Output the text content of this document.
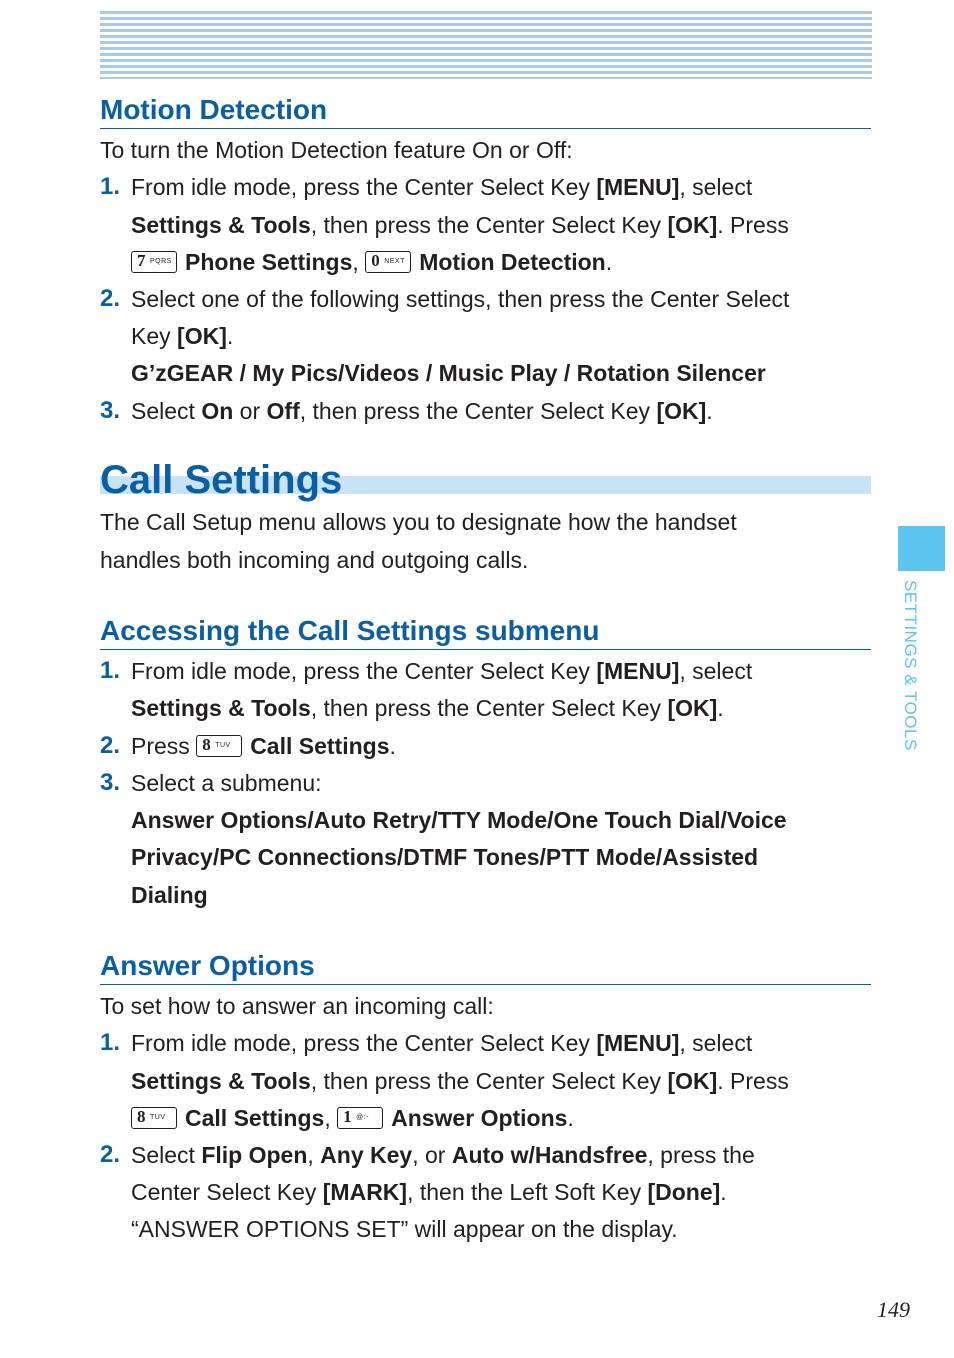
Motion Detection
To turn the Motion Detection feature On or Off:
1. From idle mode, press the Center Select Key [MENU], select
Settings & Tools, then press the Center Select Key [OK]. Press
7 PQRS Phone Settings, 0 NEXT Motion Detection.
2. Select one of the following settings, then press the Center Select
Key [OK].
G’zGEAR / My Pics/Videos / Music Play / Rotation Silencer
3. Select On or Off, then press the Center Select Key [OK].
Call Settings
The Call Setup menu allows you to designate how the handset
handles both incoming and outgoing calls.
Accessing the Call Settings submenu
1. From idle mode, press the Center Select Key [MENU], select
Settings & Tools, then press the Center Select Key [OK].
2. Press 8 TUV Call Settings.
3. Select a submenu:
Answer Options/Auto Retry/TTY Mode/One Touch Dial/Voice
Privacy/PC Connections/DTMF Tones/PTT Mode/Assisted
Dialing
Answer Options
To set how to answer an incoming call:
1. From idle mode, press the Center Select Key [MENU], select
Settings & Tools, then press the Center Select Key [OK]. Press
8 TUV Call Settings, 1 @:- Answer Options.
2. Select Flip Open, Any Key, or Auto w/Handsfree, press the
Center Select Key [MARK], then the Left Soft Key [Done].
“ANSWER OPTIONS SET” will appear on the display.
SETTINGS & TOOLS
149
